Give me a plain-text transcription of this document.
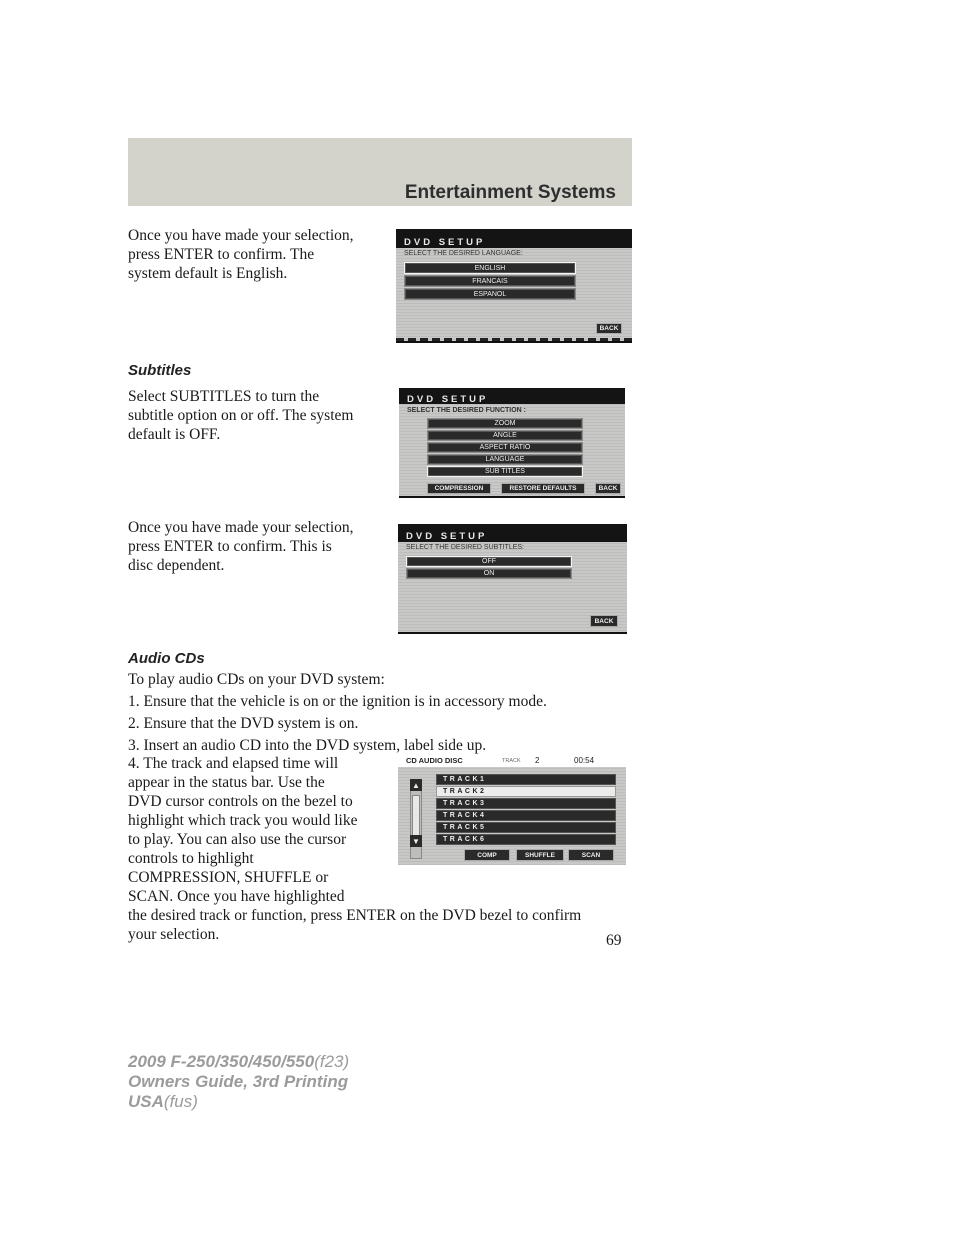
Entertainment Systems

Once you have made your selection,

press ENTER to confirm. The

system default is English.

DVD SETUP
SELECT THE DESIRED LANGUAGE:
ENGLISH
FRANCAIS
ESPANOL
BACK
Subtitles

Select SUBTITLES to turn the

subtitle option on or off. The system

default is OFF.

DVD SETUP
SELECT THE DESIRED FUNCTION :
ZOOM
ANGLE
ASPECT RATIO
LANGUAGE
SUB TITLES
COMPRESSION	RESTORE DEFAULTS	BACK

Once you have made your selection,

press ENTER to confirm. This is

disc dependent.

DVD SETUP
SELECT THE DESIRED SUBTITLES:
OFF
ON
BACK
Audio CDs

To play audio CDs on your DVD system:

1. Ensure that the vehicle is on or the ignition is in accessory mode.

2. Ensure that the DVD system is on.

3. Insert an audio CD into the DVD system, label side up.

4. The track and elapsed time will

appear in the status bar. Use the

DVD cursor controls on the bezel to

highlight which track you would like

to play. You can also use the cursor

controls to highlight

COMPRESSION, SHUFFLE or

SCAN. Once you have highlighted

the desired track or function, press ENTER on the DVD bezel to confirm

your selection.

CD AUDIO DISC	TRACK 2	00:54
▲
▼
TRACK1
TRACK2
TRACK3
TRACK4
TRACK5
TRACK6
COMP	SHUFFLE	SCAN
69
2009 F-250/350/450/550(f23)
Owners Guide, 3rd Printing
USA(fus)
